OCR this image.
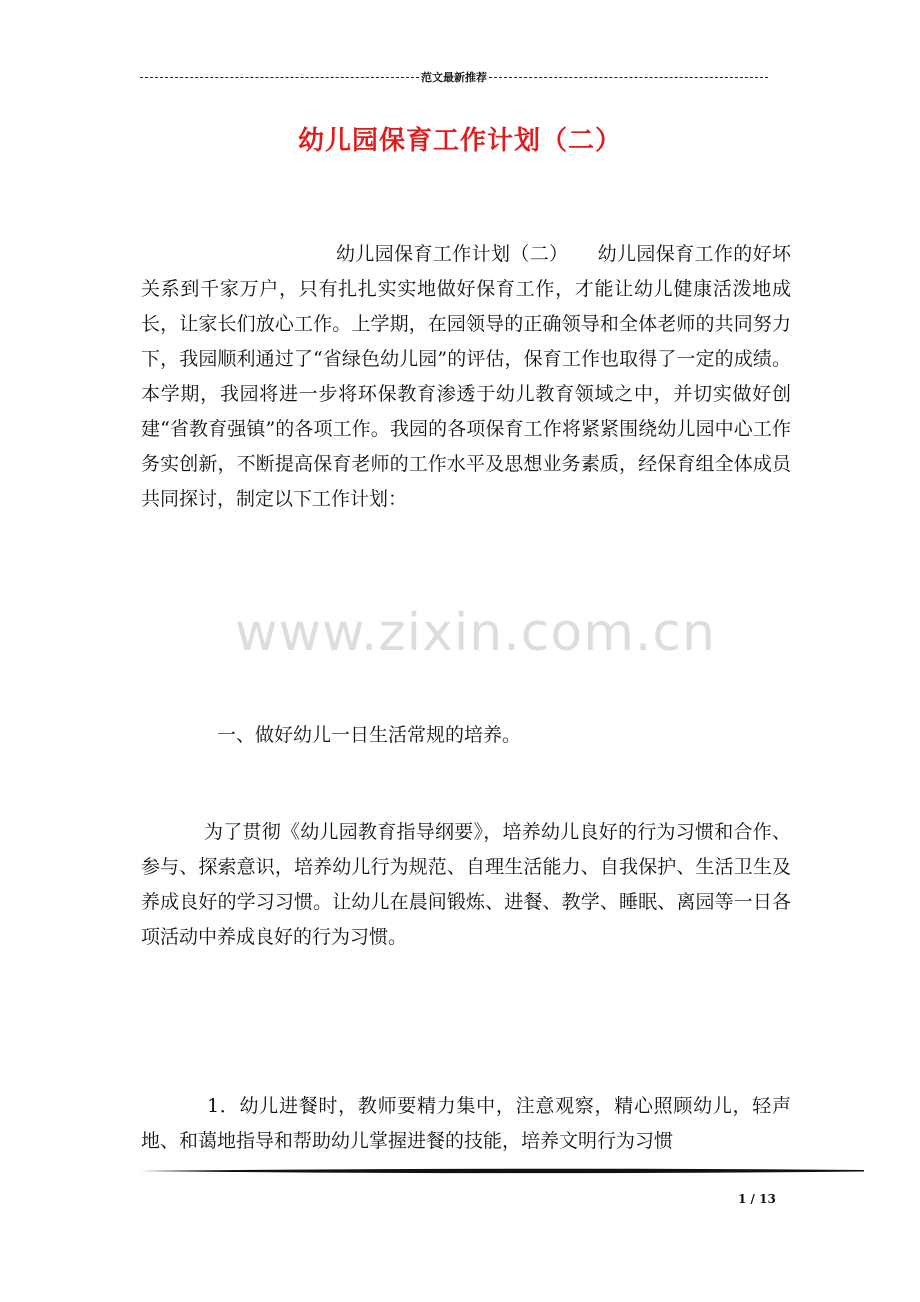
范文最新推荐
幼儿园保育工作计划（二）

幼儿园保育工作计划（二）　　幼儿园保育工作的好坏关系到千家万户，只有扎扎实实地做好保育工作，才能让幼儿健康活泼地成长，让家长们放心工作。上学期，在园领导的正确领导和全体老师的共同努力下，我园顺利通过了“省绿色幼儿园”的评估，保育工作也取得了一定的成绩。本学期，我园将进一步将环保教育渗透于幼儿教育领域之中，并切实做好创建“省教育强镇”的各项工作。我园的各项保育工作将紧紧围绕幼儿园中心工作务实创新，不断提高保育老师的工作水平及思想业务素质，经保育组全体成员共同探讨，制定以下工作计划：

一、做好幼儿一日生活常规的培养。

为了贯彻《幼儿园教育指导纲要》，培养幼儿良好的行为习惯和合作、参与、探索意识，培养幼儿行为规范、自理生活能力、自我保护、生活卫生及养成良好的学习习惯。让幼儿在晨间锻炼、进餐、教学、睡眠、离园等一日各项活动中养成良好的行为习惯。

1．幼儿进餐时，教师要精力集中，注意观察，精心照顾幼儿，轻声地、和蔼地指导和帮助幼儿掌握进餐的技能，培养文明行为习惯

www.zixin.com.cn
1 / 13
